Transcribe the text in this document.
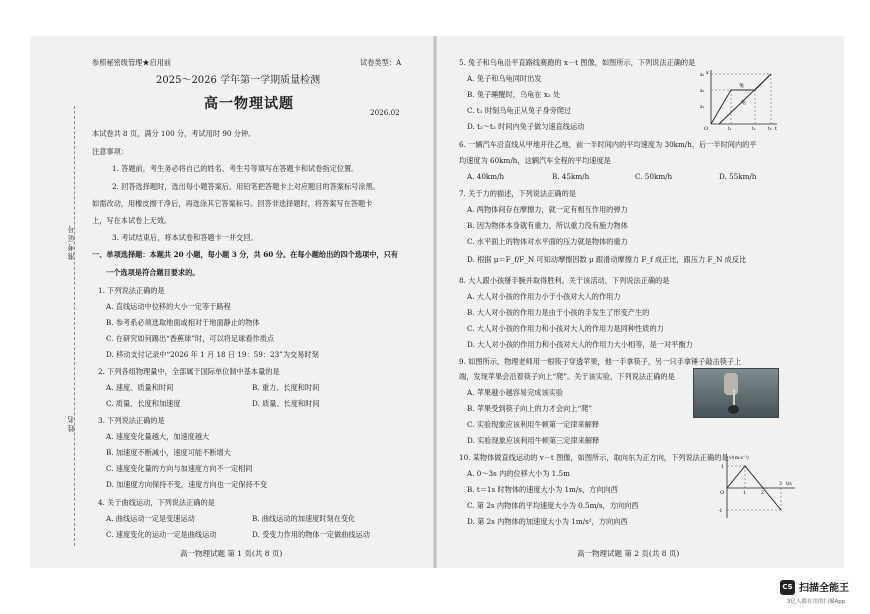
参照秘密级管理★启用前	试卷类型：A
2025～2026 学年第一学期质量检测
高一物理试题
2026.02
本试卷共 8 页，满分 100 分，考试用时 90 分钟。
注意事项：
1. 答题前，考生务必将自己的姓名、考生号等填写在答题卡和试卷指定位置。
2. 回答选择题时，选出每小题答案后，用铅笔把答题卡上对应题目的答案标号涂黑。
如需改动，用橡皮擦干净后，再选涂其它答案标号。回答非选择题时，将答案写在答题卡
上，写在本试卷上无效。
3. 考试结束后，将本试卷和答题卡一并交回。
一、单项选择题：本题共 20 小题，每小题 3 分，共 60 分。在每小题给出的四个选项中，只有
一个选项是符合题目要求的。
准考证号
姓名
1. 下列说法正确的是
A. 直线运动中位移的大小一定等于路程
B. 参考系必须选取地面或相对于地面静止的物体
C. 在研究如何踢出“香蕉球”时，可以将足球看作质点
D. 移动支付记录中“2026 年 1 月 18 日 19：59：23”为交易时刻
2. 下列各组物理量中，全部属于国际单位制中基本量的是
A. 速度、质量和时间	B. 重力、长度和时间
C. 质量、长度和加速度	D. 质量、长度和时间
3. 下列说法正确的是
A. 速度变化量越大，加速度越大
B. 加速度不断减小，速度可能不断增大
C. 速度变化量的方向与加速度方向不一定相同
D. 加速度方向保持不变，速度方向也一定保持不变
4. 关于曲线运动，下列说法正确的是
A. 曲线运动一定是变速运动	B. 曲线运动的加速度时刻在变化
C. 速度变化的运动一定是曲线运动	D. 受变力作用的物体一定做曲线运动
高一物理试题 第 1 页(共 8 页)
5. 兔子和乌龟沿平直路线赛跑的 x－t 图像，如图所示，下列说法正确的是
A. 兔子和乌龟同时出发
B. 兔子睡醒时，乌龟在 x₂ 处
C. t₁ 时刻乌龟正从兔子身旁爬过
D. t₂～t₃ 时间内兔子做匀速直线运动
x
t
O
x₃
x₂
x₁
t₁	t₂	t₃
兔
龟
6. 一辆汽车沿直线从甲地开往乙地，前一半时间内的平均速度为 30km/h，后一半时间内的平
均速度为 60km/h，这辆汽车全程的平均速度是
A. 40km/h	B. 45km/h	C. 50km/h	D. 55km/h
7. 关于力的描述，下列说法正确的是
A. 两物体间存在摩擦力，就一定有相互作用的弹力
B. 因为物体本身就有重力，所以重力没有施力物体
C. 水平面上的物体对水平面的压力就是物体的重力
D. 根据 μ＝F_f/F_N 可知动摩擦因数 μ 跟滑动摩擦力 F_f 成正比，跟压力 F_N 成反比
8. 大人跟小孩掰手腕并取得胜利。关于该活动，下列说法正确的是
A. 大人对小孩的作用力小于小孩对大人的作用力
B. 大人对小孩的作用力是由于小孩的手发生了形变产生的
C. 大人对小孩的作用力和小孩对大人的作用力是同种性质的力
D. 大人对小孩的作用力和小孩对大人的作用力大小相等，是一对平衡力
9. 如图所示，物理老师用一根筷子穿透苹果，他一手拿筷子，另一只手拿锤子敲击筷子上
端，发现苹果会沿着筷子向上“爬”。关于该实验，下列说法正确的是
A. 苹果越小越容易完成该实验
B. 苹果受到筷子向上的力才会向上“爬”
C. 实验现象应该利用牛顿第一定律来解释
D. 实验现象应该利用牛顿第三定律来解释
10. 某物体做直线运动的 v－t 图像，如图所示，取向东为正方向，下列说法正确的是
A. 0～3s 内的位移大小为 1.5m
B. t＝1s 时物体的速度大小为 1m/s，方向向西
C. 第 2s 内物体的平均速度大小为 0.5m/s，方向向西
D. 第 2s 内物体的加速度大小为 1m/s²，方向向西
v/(m·s⁻¹)
t/s
O
1
-1
1	2
3
高一物理试题 第 2 页(共 8 页)
CS 扫描全能王
3亿人都在用的扫描App
